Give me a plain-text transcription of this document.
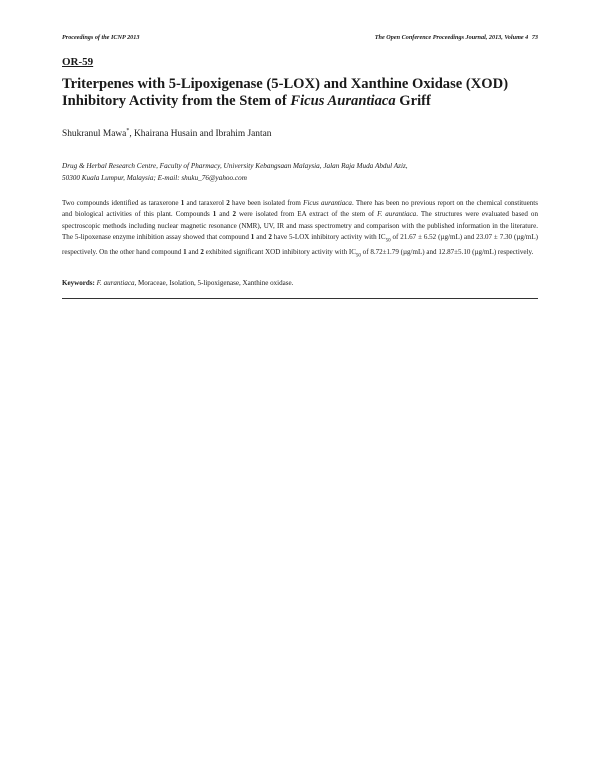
Proceedings of the ICNP 2013	The Open Conference Proceedings Journal, 2013, Volume 4 73
OR-59
Triterpenes with 5-Lipoxigenase (5-LOX) and Xanthine Oxidase (XOD) Inhibitory Activity from the Stem of Ficus Aurantiaca Griff
Shukranul Mawa*, Khairana Husain and Ibrahim Jantan
Drug & Herbal Research Centre, Faculty of Pharmacy, University Kebangsaan Malaysia, Jalan Raja Muda Abdul Aziz,
50300 Kuala Lumpur, Malaysia; E-mail: shuku_76@yahoo.com

Two compounds identified as taraxerone 1 and taraxerol 2 have been isolated from Ficus aurantiaca. There has been no previous report on the chemical constituents and biological activities of this plant. Compounds 1 and 2 were isolated from EA extract of the stem of F. aurantiaca. The structures were evaluated based on spectroscopic methods including nuclear magnetic resonance (NMR), UV, IR and mass spectrometry and comparison with the published information in the literature. The 5-lipoxenase enzyme inhibition assay showed that compound 1 and 2 have 5-LOX inhibitory activity with $IC_{50}$ of 21.67 ± 6.52 (µg/mL) and 23.07 ± 7.30 (µg/mL) respectively. On the other hand compound 1 and 2 exhibited significant XOD inhibitory activity with $IC_{50}$ of 8.72±1.79 (µg/mL) and 12.87±5.10 (µg/mL) respectively.

Keywords: F. aurantiaca, Moraceae, Isolation, 5-lipoxigenase, Xanthine oxidase.
